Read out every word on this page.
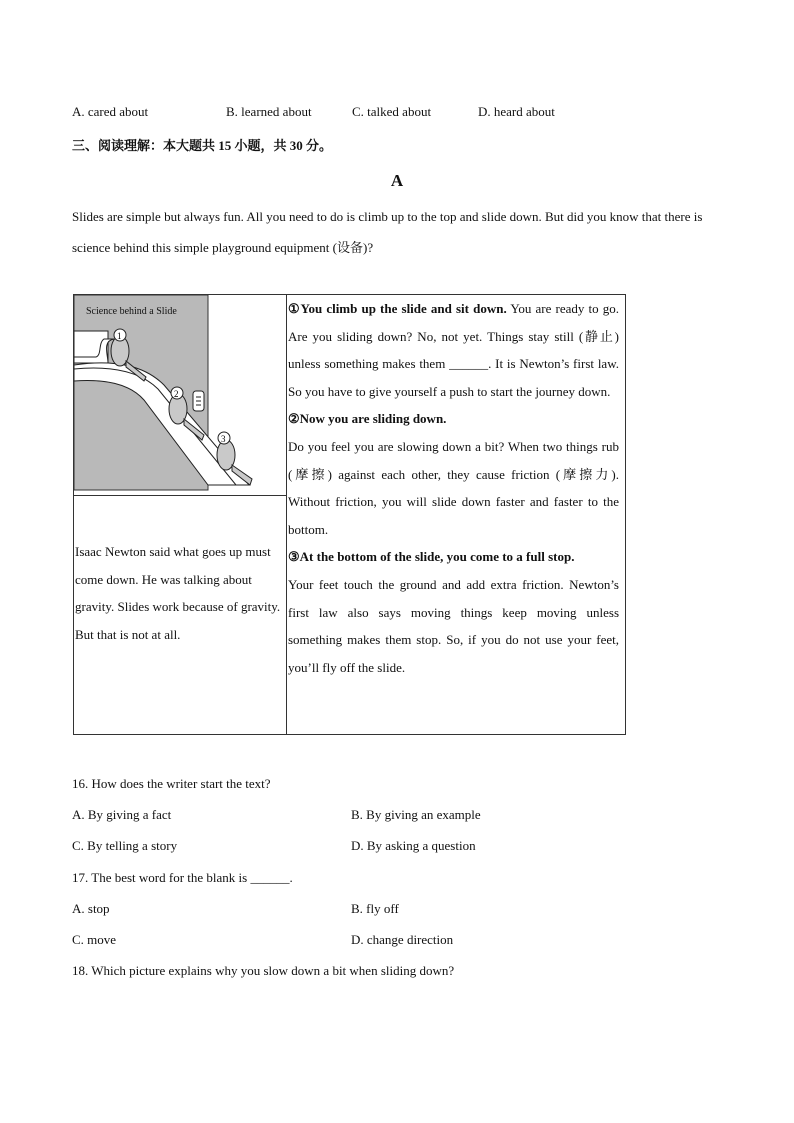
A. cared about	B. learned about	C. talked about	D. heard about
三、阅读理解：本大题共 15 小题，共 30 分。
A
Slides are simple but always fun. All you need to do is climb up to the top and slide down. But did you know that there is science behind this simple playground equipment (设备)?
Science behind a Slide
1
2
3

①You climb up the slide and sit down. You are ready to go. Are you sliding down? No, not yet. Things stay still (静止) unless something makes them ______. It is Newton’s first law. So you have to give yourself a push to start the journey down.
②Now you are sliding down.
Do you feel you are slowing down a bit? When two things rub (摩擦) against each other, they cause friction (摩擦力). Without friction, you will slide down faster and faster to the bottom.
③At the bottom of the slide, you come to a full stop.
Your feet touch the ground and add extra friction. Newton’s first law also says moving things keep moving unless something makes them stop. So, if you do not use your feet, you’ll fly off the slide.

Isaac Newton said what goes up must come down. He was talking about gravity. Slides work because of gravity. But that is not at all.
16. How does the writer start the text?
A. By giving a fact	B. By giving an example
C. By telling a story	D. By asking a question
17. The best word for the blank is ______.
A. stop	B. fly off
C. move	D. change direction
18. Which picture explains why you slow down a bit when sliding down?
